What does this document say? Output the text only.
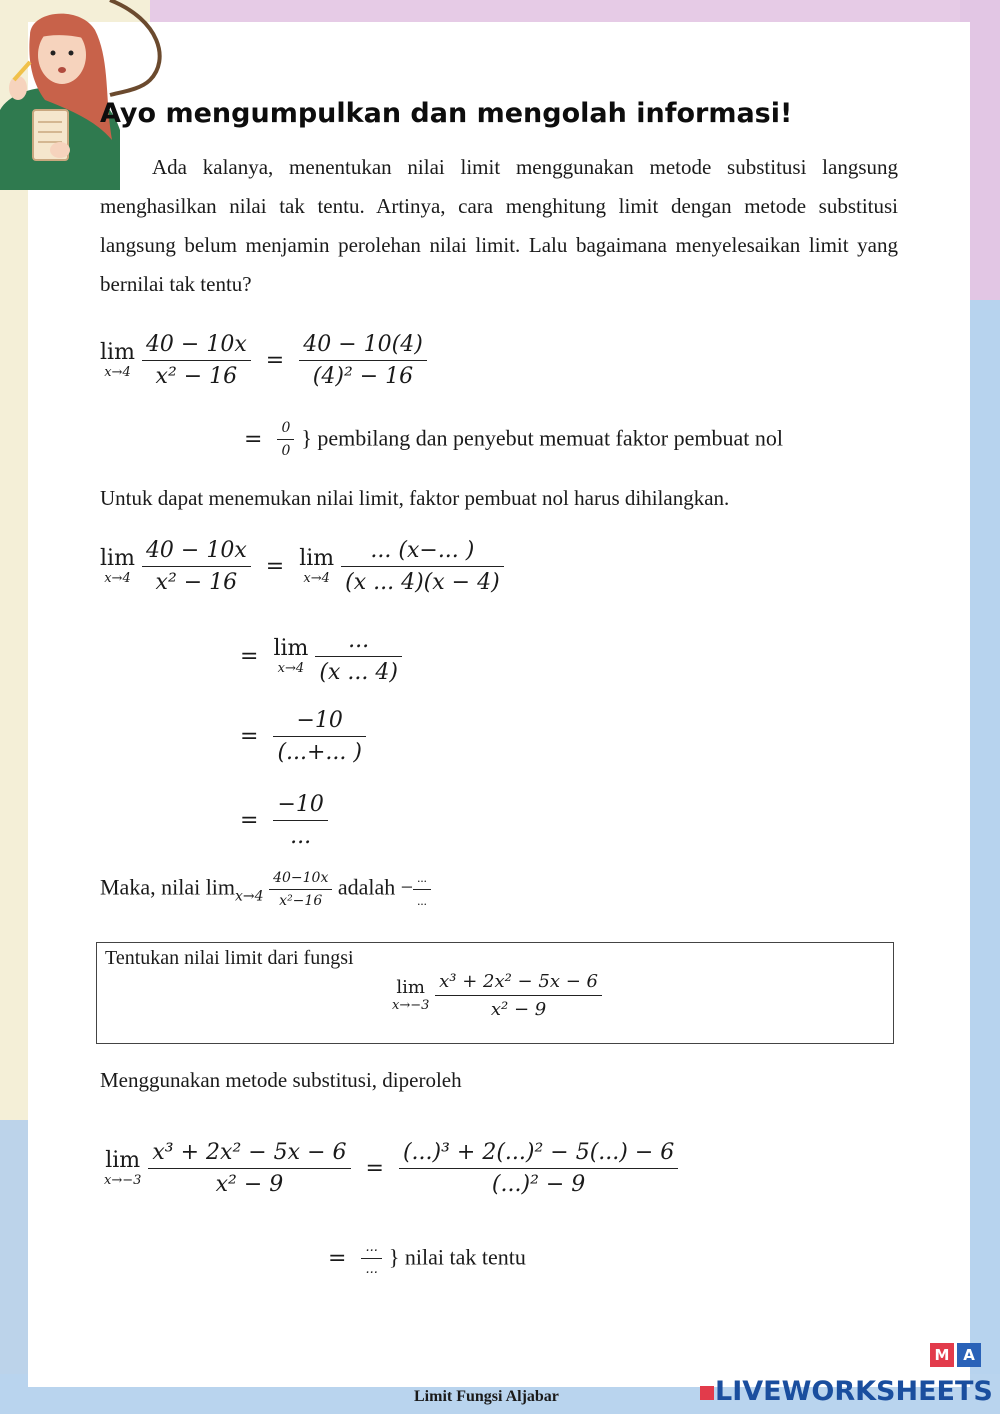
Ayo mengumpulkan dan mengolah informasi!
Ada kalanya, menentukan nilai limit menggunakan metode substitusi langsung menghasilkan nilai tak tentu. Artinya, cara menghitung limit dengan metode substitusi langsung belum menjamin perolehan nilai limit. Lalu bagaimana menyelesaikan limit yang bernilai tak tentu?
lim
x→4
$\frac{40 - 10x}{\text{x² − 16}} = \frac{40 - 10(4)}{\text{(4)² − 16}}$
= $\frac{0}{0}$ } pembilang dan penyebut memuat faktor pembuat nol
Untuk dapat menemukan nilai limit, faktor pembuat nol harus dihilangkan.
lim
x→4
$\frac{40 - 10x}{\text{x² − 16}} = \lim$
x→4
$\frac{... (x-... )}{(x ... 4)(x - 4)}$
= lim
x→4
$\frac{...}{(x ... 4)}$
= $\frac{-10}{(...+... )}$
= $\frac{-10}{...}$
Maka, nilai $\lim_{x\to 4} \frac{40-10x}{\text{x²−16}}$ adalah − $\frac{...}{...}$
Tentukan nilai limit dari fungsi
lim
x→−3
$\frac{\text{x³ + 2x² − 5x − 6}}{\text{x² − 9}}$
Menggunakan metode substitusi, diperoleh
lim
x→−3
$\frac{\text{x³ + 2x² − 5x − 6}}{\text{x² − 9}} = \frac{\text{(...)³ + 2(...)² − 5(...) − 6}}{\text{(...)² − 9}}$
= $\frac{...}{...}$ } nilai tak tentu
Limit Fungsi Aljabar
M A
LIVEWORKSHEETS
